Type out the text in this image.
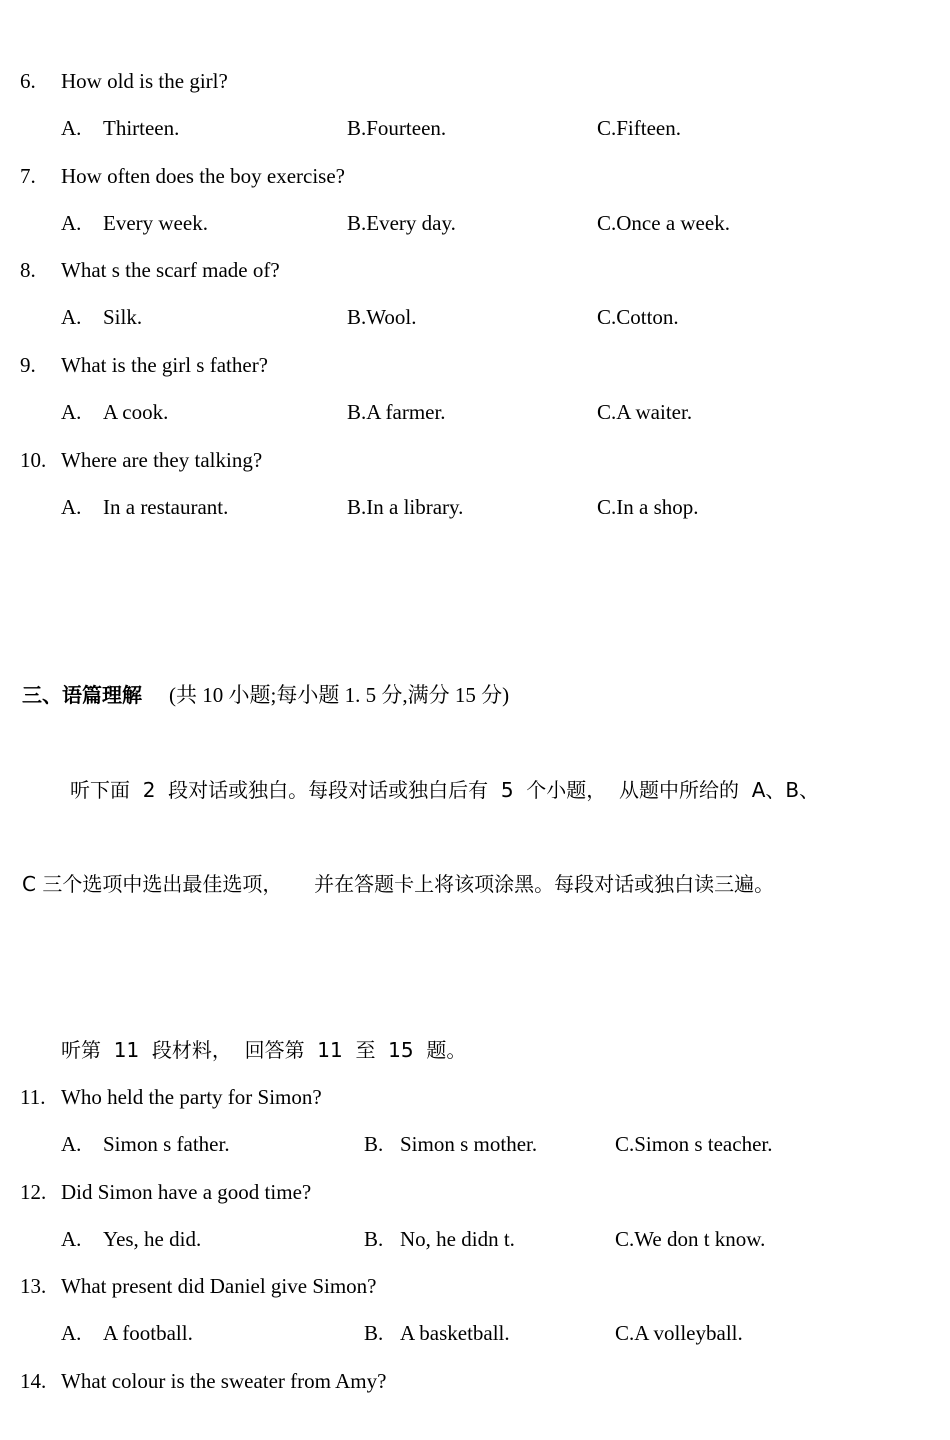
6. How old is the girl?
A. Thirteen.	B.Fourteen.	C.Fifteen.
7. How often does the boy exercise?
A. Every week.	B.Every day.	C.Once a week.
8. What s the scarf made of?
A. Silk.	B.Wool.	C.Cotton.
9. What is the girl s father?
A. A cook.	B.A farmer.	C.A waiter.
10. Where are they talking?
A. In a restaurant.	B.In a library.	C.In a shop.
三、语篇理解 (共 10 小题;每小题 1. 5 分,满分 15 分)
听下面  2  段对话或独白。每段对话或独白后有  5  个小题，  从题中所给的  A、B、
C 三个选项中选出最佳选项，     并在答题卡上将该项涂黑。每段对话或独白读三遍。
听第  11  段材料，  回答第  11  至  15  题。
11. Who held the party for Simon?
A. Simon s father.	B. Simon s mother.	C.Simon s teacher.
12. Did Simon have a good time?
A. Yes, he did.	B. No, he didn t.	C.We don t know.
13. What present did Daniel give Simon?
A. A football.	B. A basketball.	C.A volleyball.
14. What colour is the sweater from Amy?
